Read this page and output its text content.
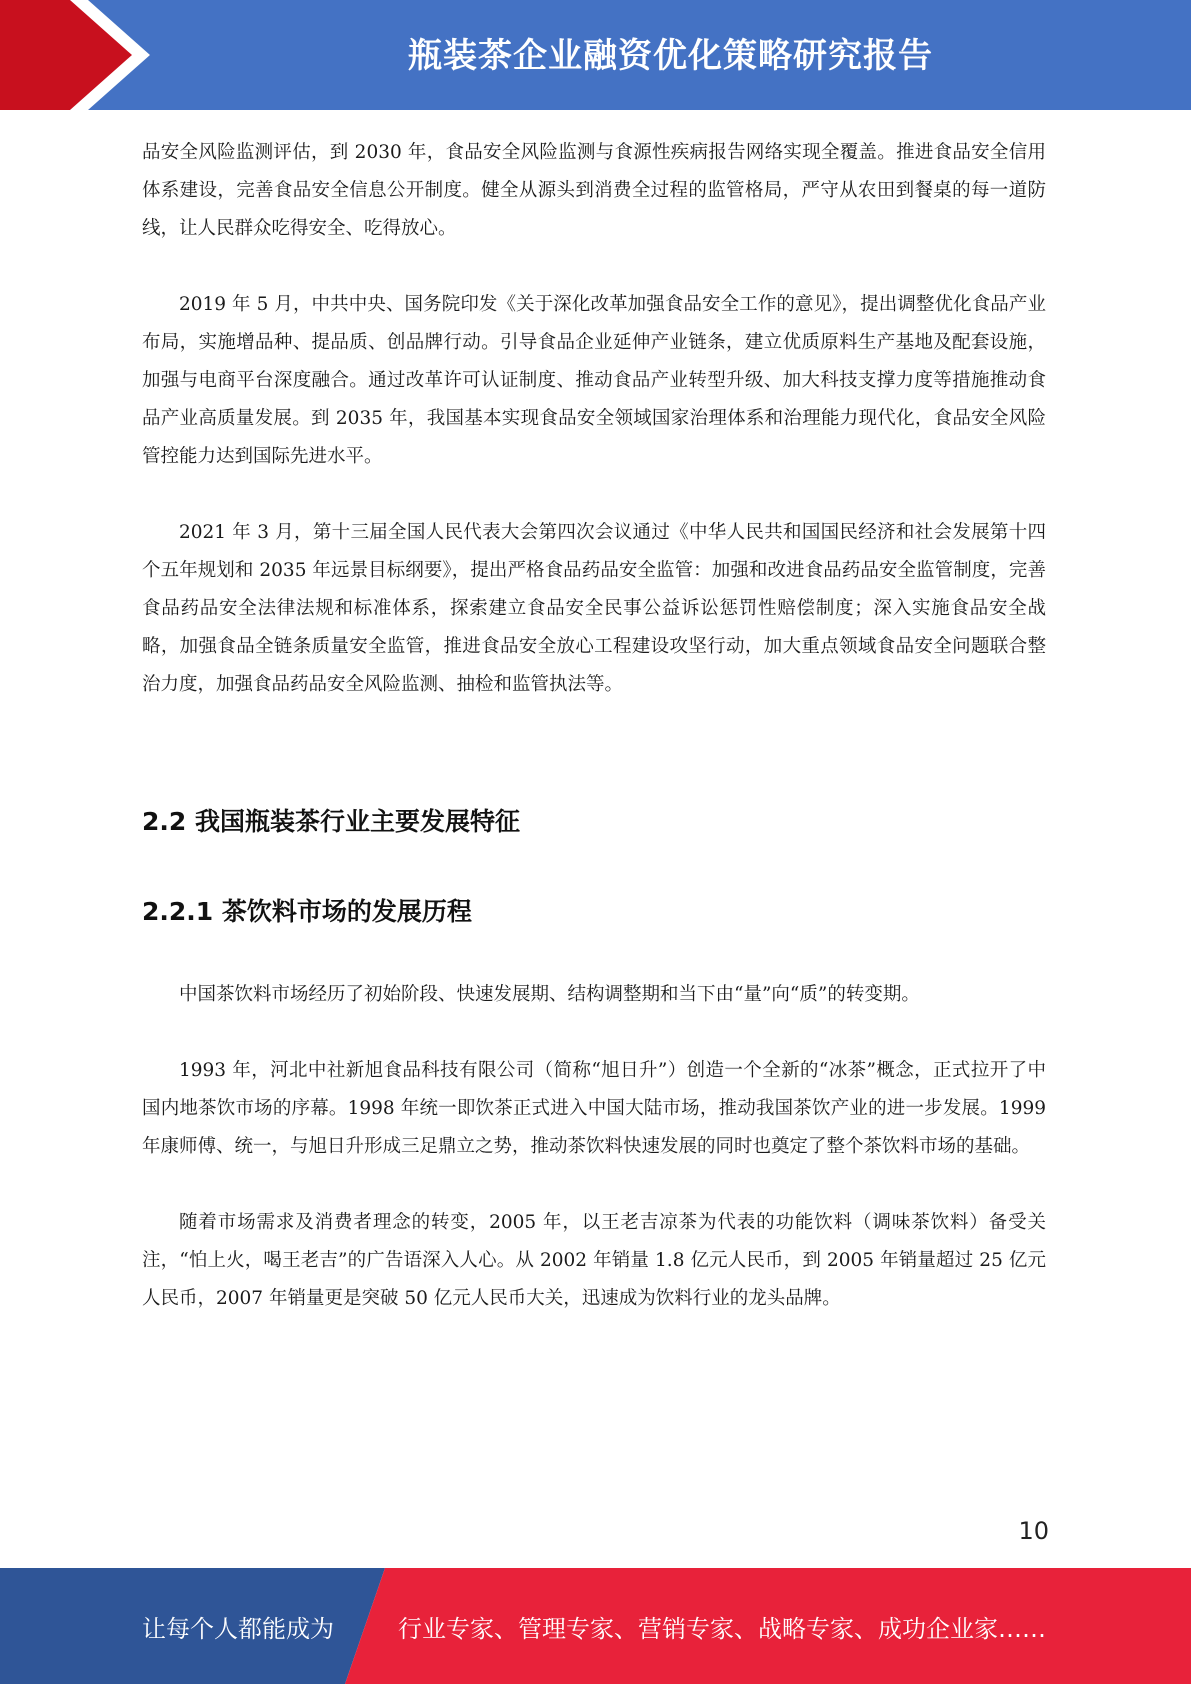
瓶装茶企业融资优化策略研究报告

品安全风险监测评估，到 2030 年，食品安全风险监测与食源性疾病报告网络实现全覆盖。推进食品安全信用体系建设，完善食品安全信息公开制度。健全从源头到消费全过程的监管格局，严守从农田到餐桌的每一道防线，让人民群众吃得安全、吃得放心。

2019 年 5 月，中共中央、国务院印发《关于深化改革加强食品安全工作的意见》，提出调整优化食品产业布局，实施增品种、提品质、创品牌行动。引导食品企业延伸产业链条，建立优质原料生产基地及配套设施，加强与电商平台深度融合。通过改革许可认证制度、推动食品产业转型升级、加大科技支撑力度等措施推动食品产业高质量发展。到 2035 年，我国基本实现食品安全领域国家治理体系和治理能力现代化，食品安全风险管控能力达到国际先进水平。

2021 年 3 月，第十三届全国人民代表大会第四次会议通过《中华人民共和国国民经济和社会发展第十四个五年规划和 2035 年远景目标纲要》，提出严格食品药品安全监管：加强和改进食品药品安全监管制度，完善食品药品安全法律法规和标准体系，探索建立食品安全民事公益诉讼惩罚性赔偿制度；深入实施食品安全战略，加强食品全链条质量安全监管，推进食品安全放心工程建设攻坚行动，加大重点领域食品安全问题联合整治力度，加强食品药品安全风险监测、抽检和监管执法等。

2.2 我国瓶装茶行业主要发展特征
2.2.1 茶饮料市场的发展历程

中国茶饮料市场经历了初始阶段、快速发展期、结构调整期和当下由“量”向“质”的转变期。

1993 年，河北中社新旭食品科技有限公司（简称“旭日升”）创造一个全新的“冰茶”概念，正式拉开了中国内地茶饮市场的序幕。1998 年统一即饮茶正式进入中国大陆市场，推动我国茶饮产业的进一步发展。1999 年康师傅、统一，与旭日升形成三足鼎立之势，推动茶饮料快速发展的同时也奠定了整个茶饮料市场的基础。

随着市场需求及消费者理念的转变，2005 年，以王老吉凉茶为代表的功能饮料（调味茶饮料）备受关注，“怕上火，喝王老吉”的广告语深入人心。从 2002 年销量 1.8 亿元人民币，到 2005 年销量超过 25 亿元人民币，2007 年销量更是突破 50 亿元人民币大关，迅速成为饮料行业的龙头品牌。

10
让每个人都能成为	行业专家、管理专家、营销专家、战略专家、成功企业家……
